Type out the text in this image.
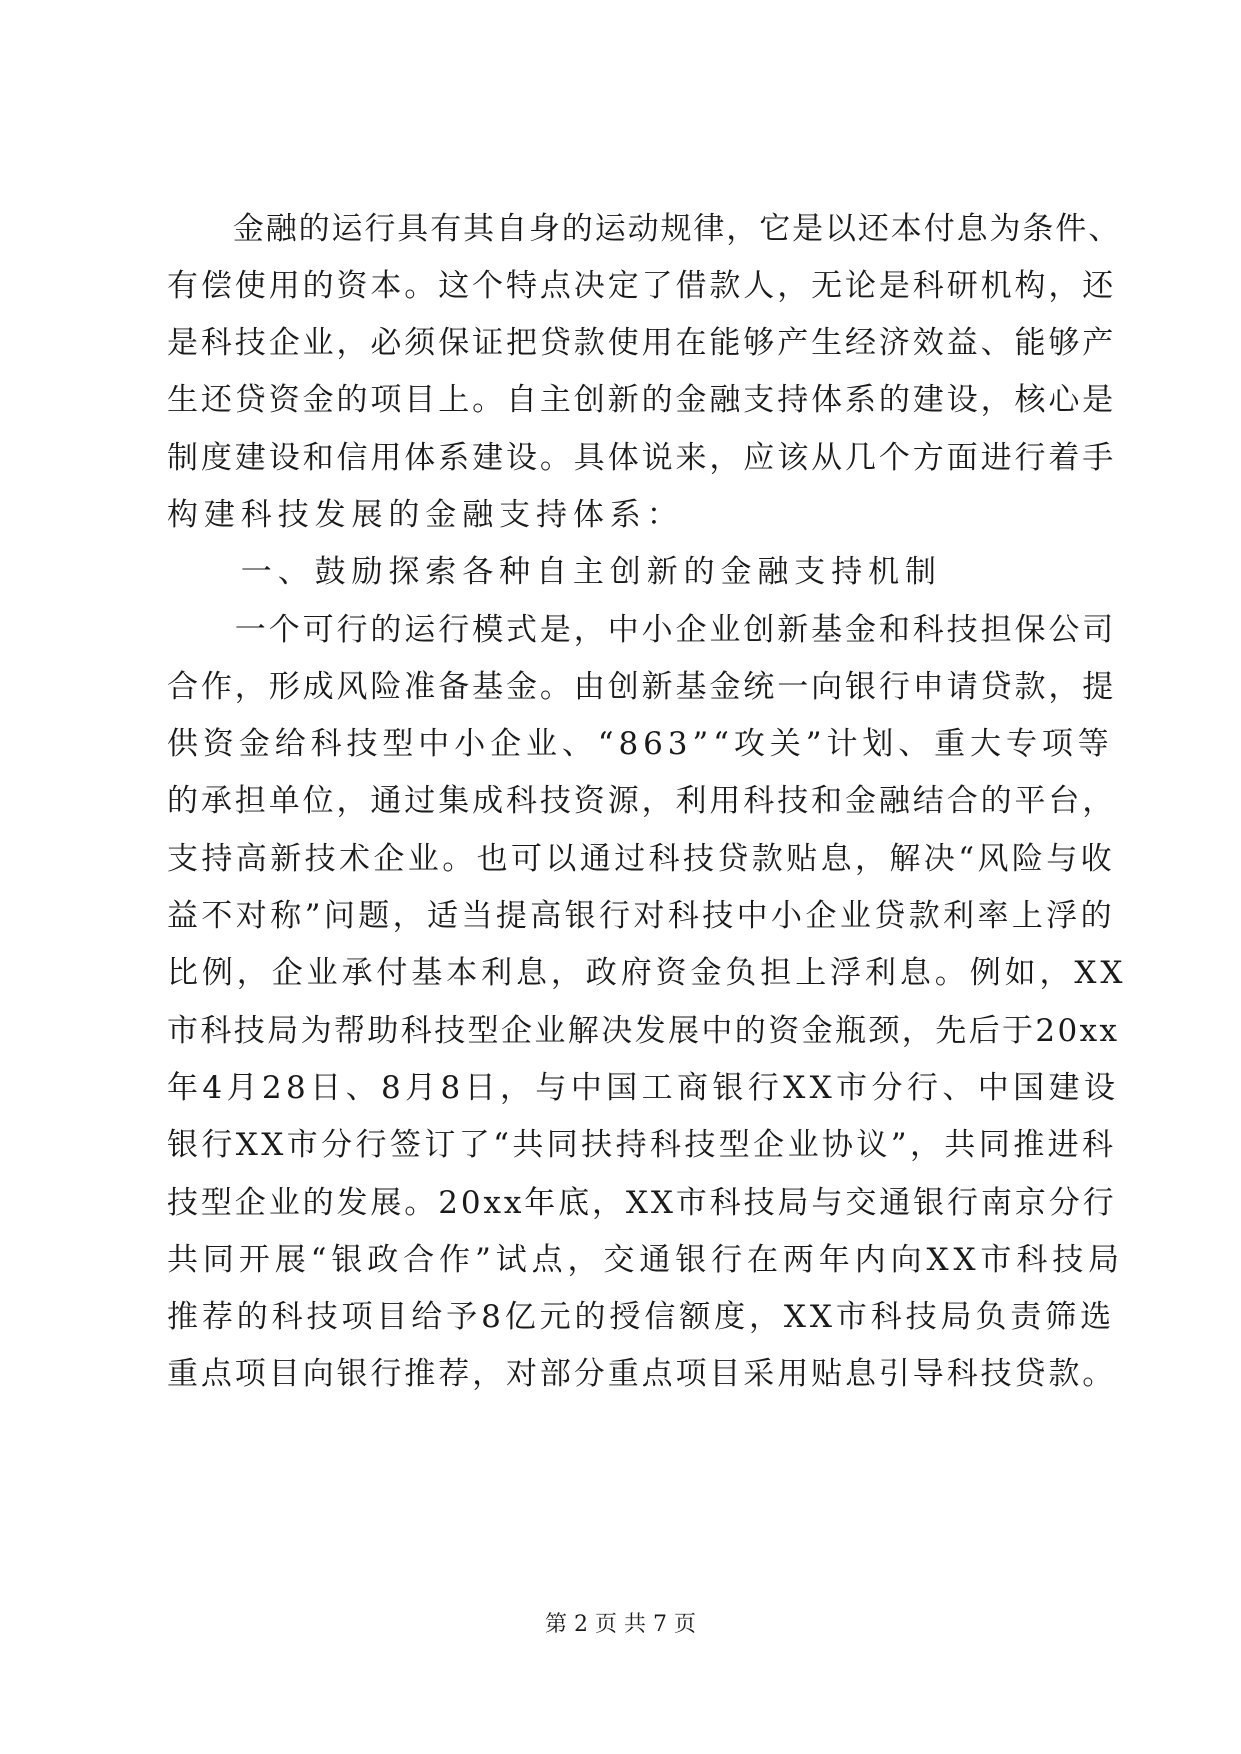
　　金融的运行具有其自身的运动规律，它是以还本付息为条件、
有偿使用的资本。这个特点决定了借款人，无论是科研机构，还
是科技企业，必须保证把贷款使用在能够产生经济效益、能够产
生还贷资金的项目上。自主创新的金融支持体系的建设，核心是
制度建设和信用体系建设。具体说来，应该从几个方面进行着手
构建科技发展的金融支持体系：
　　一、鼓励探索各种自主创新的金融支持机制
　　一个可行的运行模式是，中小企业创新基金和科技担保公司
合作，形成风险准备基金。由创新基金统一向银行申请贷款，提
供资金给科技型中小企业、“863”“攻关”计划、重大专项等
的承担单位，通过集成科技资源，利用科技和金融结合的平台，
支持高新技术企业。也可以通过科技贷款贴息，解决“风险与收
益不对称”问题，适当提高银行对科技中小企业贷款利率上浮的
比例，企业承付基本利息，政府资金负担上浮利息。例如，XX
市科技局为帮助科技型企业解决发展中的资金瓶颈，先后于20xx
年4月28日、8月8日，与中国工商银行XX市分行、中国建设
银行XX市分行签订了“共同扶持科技型企业协议”，共同推进科
技型企业的发展。20xx年底，XX市科技局与交通银行南京分行
共同开展“银政合作”试点，交通银行在两年内向XX市科技局
推荐的科技项目给予8亿元的授信额度，XX市科技局负责筛选
重点项目向银行推荐，对部分重点项目采用贴息引导科技贷款。
第 2 页 共 7 页
